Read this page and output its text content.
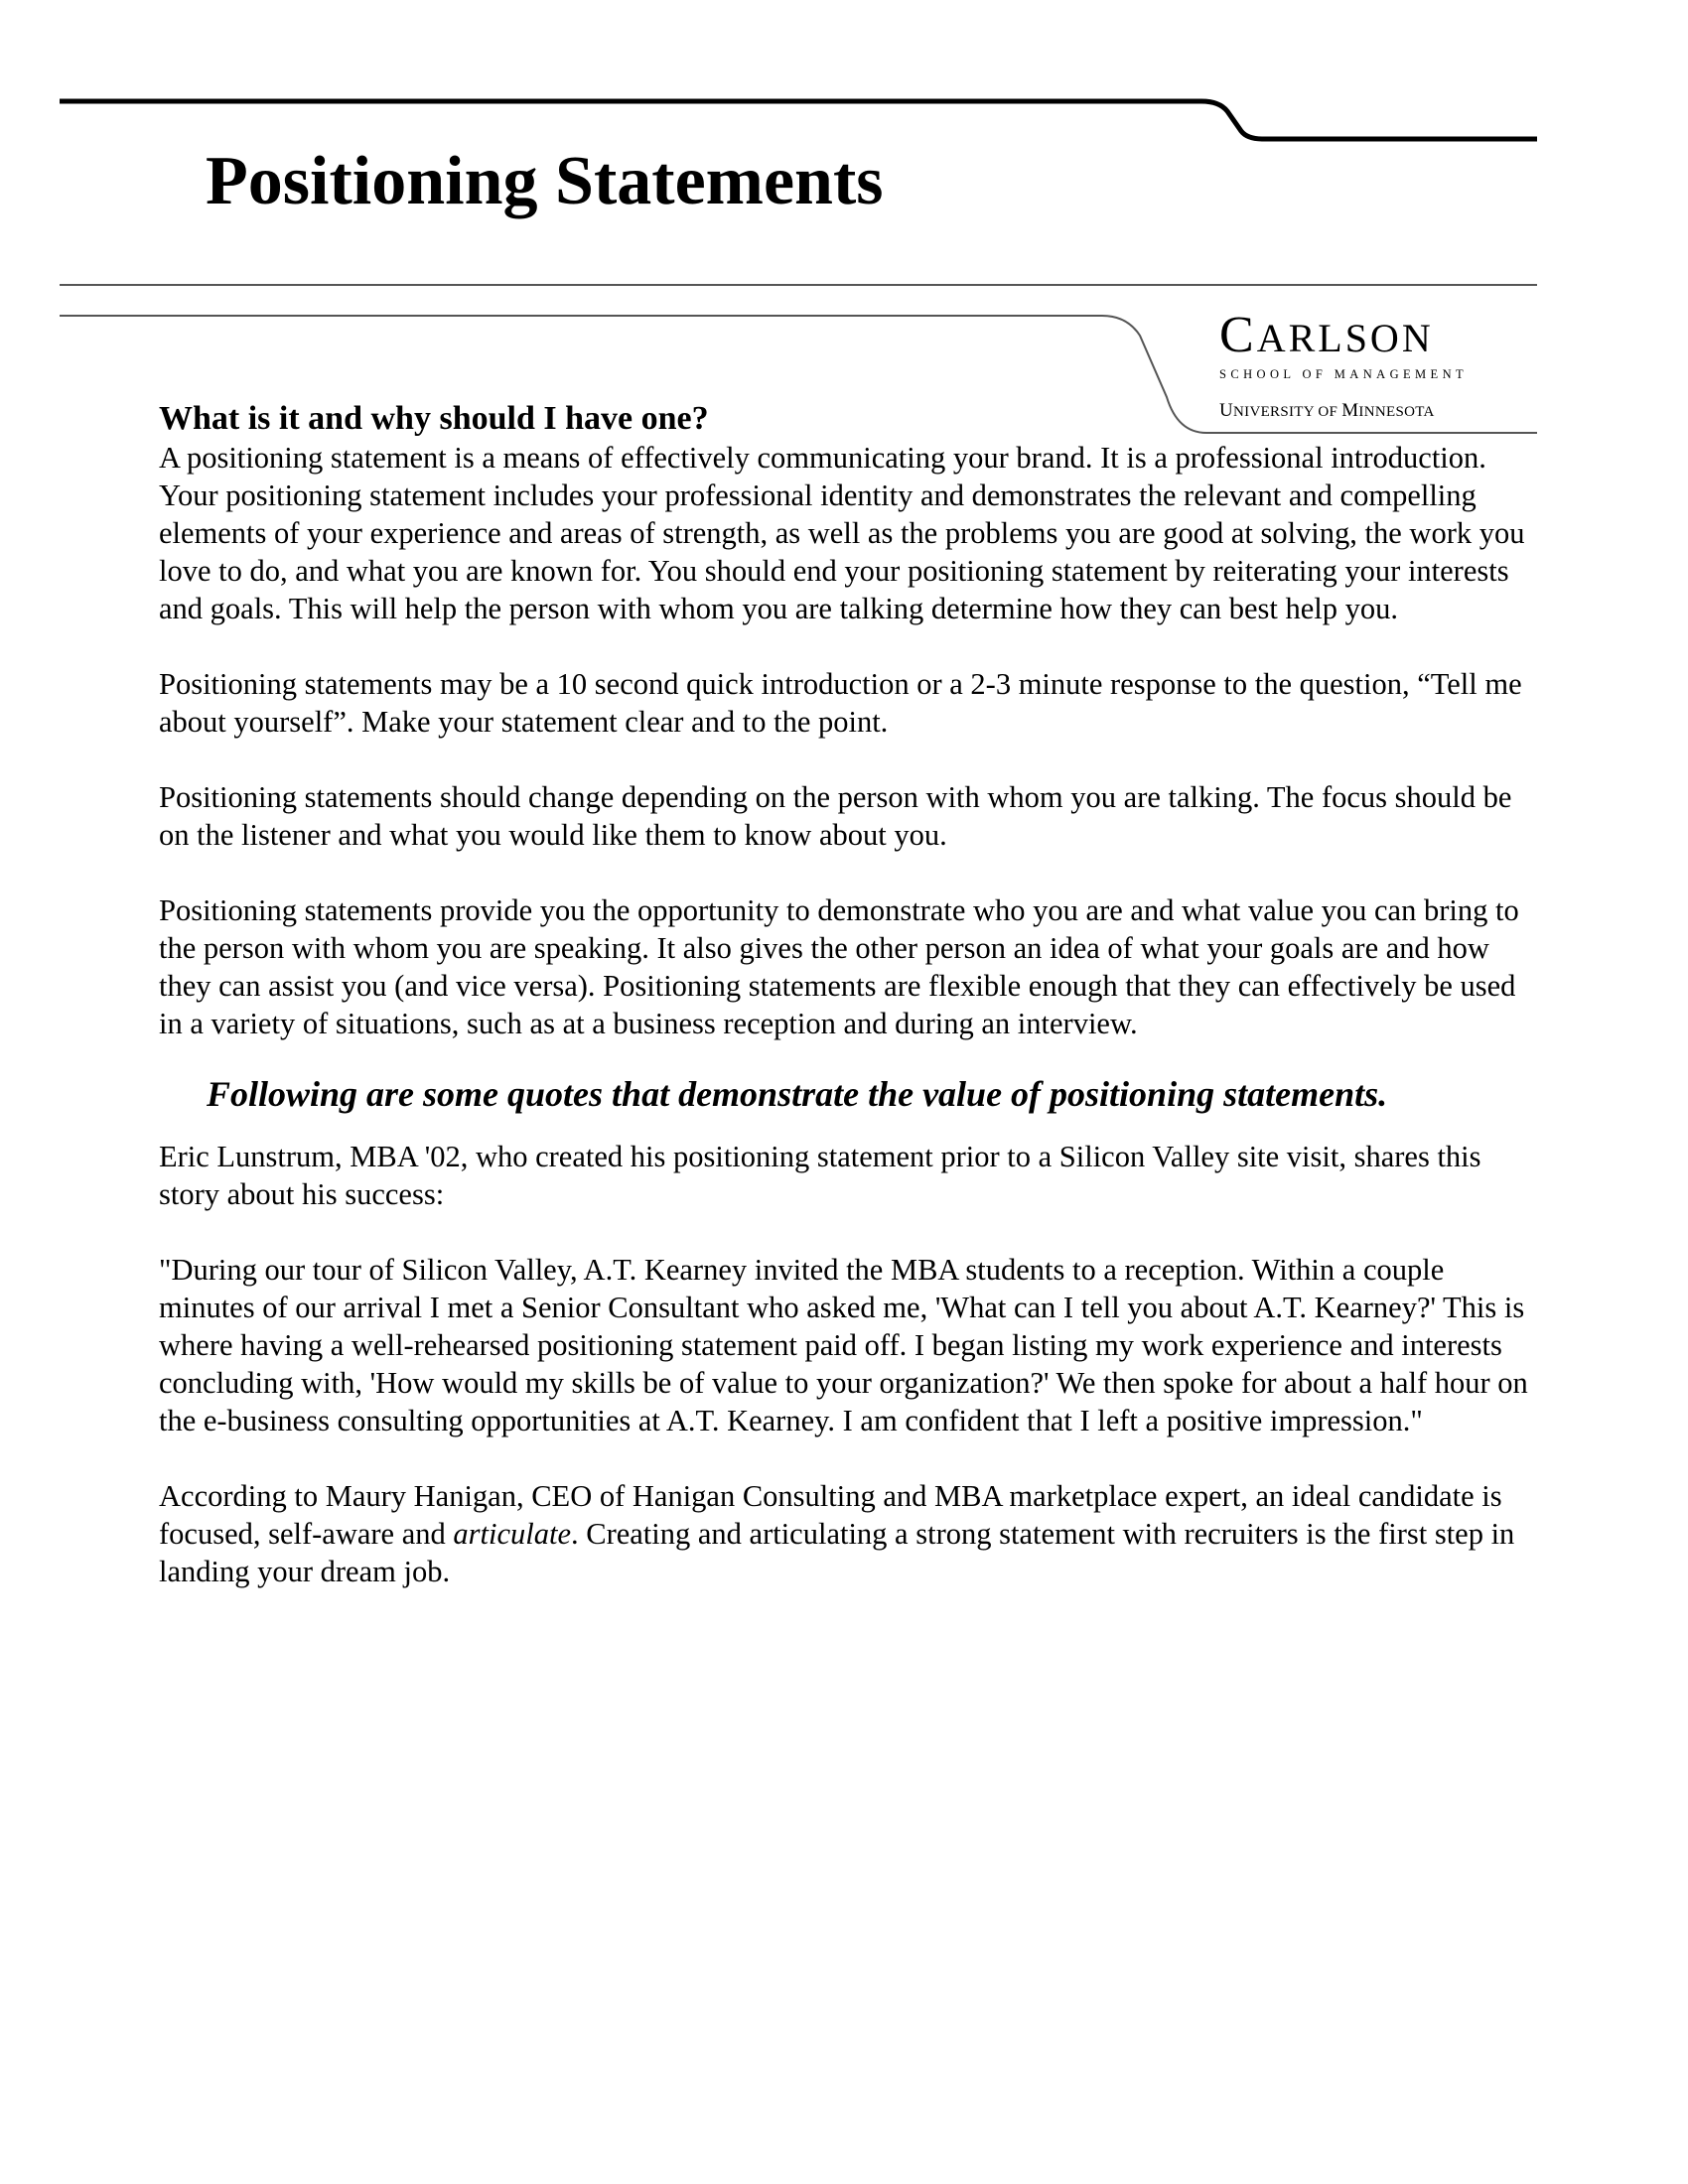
Positioning Statements
CARLSON
SCHOOL OF MANAGEMENT
UNIVERSITY OF MINNESOTA
What is it and why should I have one?

A positioning statement is a means of effectively communicating your brand. It is a professional introduction. Your positioning statement includes your professional identity and demonstrates the relevant and compelling elements of your experience and areas of strength, as well as the problems you are good at solving, the work you love to do, and what you are known for. You should end your positioning statement by reiterating your interests and goals. This will help the person with whom you are talking determine how they can best help you.

Positioning statements may be a 10 second quick introduction or a 2-3 minute response to the question, “Tell me about yourself”. Make your statement clear and to the point.

Positioning statements should change depending on the person with whom you are talking. The focus should be on the listener and what you would like them to know about you.

Positioning statements provide you the opportunity to demonstrate who you are and what value you can bring to the person with whom you are speaking. It also gives the other person an idea of what your goals are and how they can assist you (and vice versa). Positioning statements are flexible enough that they can effectively be used in a variety of situations, such as at a business reception and during an interview.

Following are some quotes that demonstrate the value of positioning statements.

Eric Lunstrum, MBA '02, who created his positioning statement prior to a Silicon Valley site visit, shares this story about his success:

"During our tour of Silicon Valley, A.T. Kearney invited the MBA students to a reception. Within a couple minutes of our arrival I met a Senior Consultant who asked me, 'What can I tell you about A.T. Kearney?' This is where having a well-rehearsed positioning statement paid off. I began listing my work experience and interests concluding with, 'How would my skills be of value to your organization?' We then spoke for about a half hour on the e-business consulting opportunities at A.T. Kearney. I am confident that I left a positive impression."

According to Maury Hanigan, CEO of Hanigan Consulting and MBA marketplace expert, an ideal candidate is focused, self-aware and articulate. Creating and articulating a strong statement with recruiters is the first step in landing your dream job.
